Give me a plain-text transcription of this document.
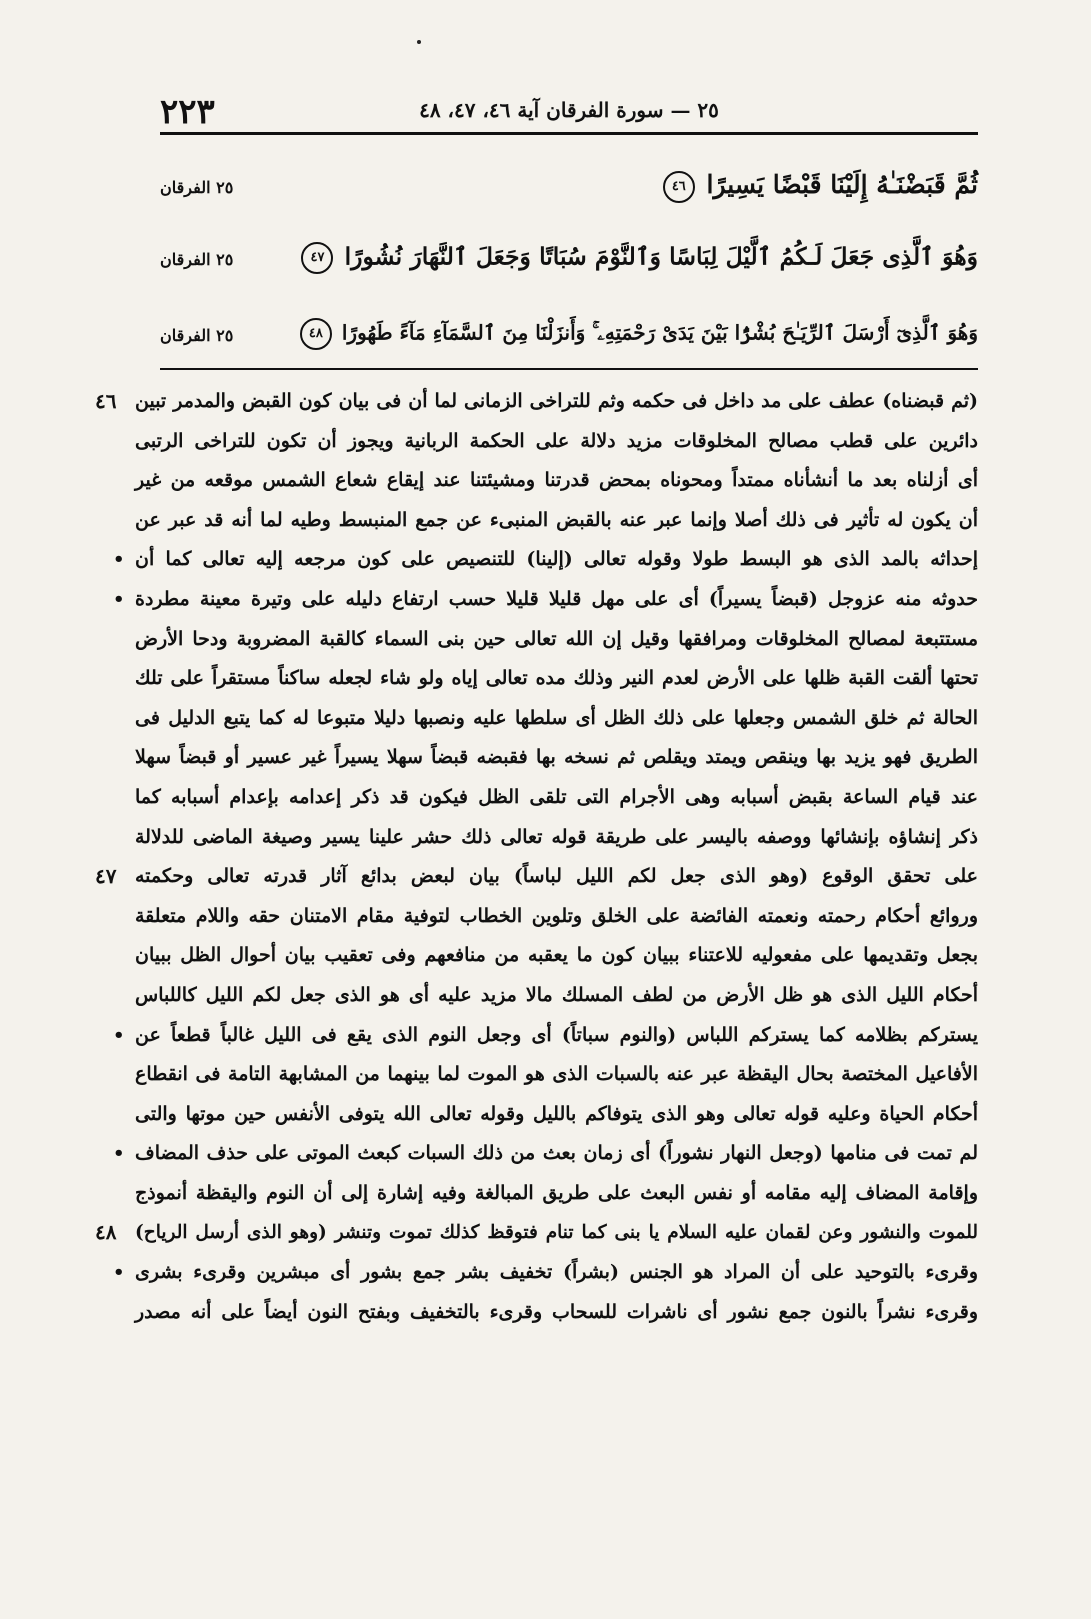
٢٢٣	٢٥ — سورة الفرقان آية ٤٦، ٤٧، ٤٨
ثُمَّ قَبَضْنَـٰهُ إِلَيْنَا قَبْضًا يَسِيرًا ٤٦
٢٥ الفرقان
وَهُوَ ٱلَّذِى جَعَلَ لَـكُمُ ٱلَّيْلَ لِبَاسًا وَٱلنَّوْمَ سُبَاتًا وَجَعَلَ ٱلنَّهَارَ نُشُورًا ٤٧
٢٥ الفرقان
وَهُوَ ٱلَّذِىٓ أَرْسَلَ ٱلرِّيَـٰحَ بُشْرًۢا بَيْنَ يَدَىْ رَحْمَتِهِۦ ۚ وَأَنزَلْنَا مِنَ ٱلسَّمَآءِ مَآءً طَهُورًا ٤٨
٢٥ الفرقان
(ثم قبضناه) عطف على مد داخل فى حكمه وثم للتراخى الزمانى لما أن فى بيان كون القبض والمدمر تبين
٤٦
دائرين على قطب مصالح المخلوقات مزيد دلالة على الحكمة الربانية ويجوز أن تكون للتراخى الرتبى
أى أزلناه بعد ما أنشأناه ممتداً ومحوناه بمحض قدرتنا ومشيئتنا عند إيقاع شعاع الشمس موقعه من غير
أن يكون له تأثير فى ذلك أصلا وإنما عبر عنه بالقبض المنبىء عن جمع المنبسط وطيه لما أنه قد عبر عن
إحداثه بالمد الذى هو البسط طولا وقوله تعالى (إلينا) للتنصيص على كون مرجعه إليه تعالى كما أن
•
حدوثه منه عزوجل (قبضاً يسيراً) أى على مهل قليلا قليلا حسب ارتفاع دليله على وتيرة معينة مطردة
•
مستتبعة لمصالح المخلوقات ومرافقها وقيل إن الله تعالى حين بنى السماء كالقبة المضروبة ودحا الأرض
تحتها ألقت القبة ظلها على الأرض لعدم النير وذلك مده تعالى إياه ولو شاء لجعله ساكناً مستقراً على تلك
الحالة ثم خلق الشمس وجعلها على ذلك الظل أى سلطها عليه ونصبها دليلا متبوعا له كما يتبع الدليل فى
الطريق فهو يزيد بها وينقص ويمتد ويقلص ثم نسخه بها فقبضه قبضاً سهلا يسيراً غير عسير أو قبضاً سهلا
عند قيام الساعة بقبض أسبابه وهى الأجرام التى تلقى الظل فيكون قد ذكر إعدامه بإعدام أسبابه كما
ذكر إنشاؤه بإنشائها ووصفه باليسر على طريقة قوله تعالى ذلك حشر علينا يسير وصيغة الماضى للدلالة
على تحقق الوقوع (وهو الذى جعل لكم الليل لباساً) بيان لبعض بدائع آثار قدرته تعالى وحكمته
٤٧
وروائع أحكام رحمته ونعمته الفائضة على الخلق وتلوين الخطاب لتوفية مقام الامتنان حقه واللام متعلقة
بجعل وتقديمها على مفعوليه للاعتناء ببيان كون ما يعقبه من منافعهم وفى تعقيب بيان أحوال الظل ببيان
أحكام الليل الذى هو ظل الأرض من لطف المسلك مالا مزيد عليه أى هو الذى جعل لكم الليل كاللباس
يستركم بظلامه كما يستركم اللباس (والنوم سباتاً) أى وجعل النوم الذى يقع فى الليل غالباً قطعاً عن
•
الأفاعيل المختصة بحال اليقظة عبر عنه بالسبات الذى هو الموت لما بينهما من المشابهة التامة فى انقطاع
أحكام الحياة وعليه قوله تعالى وهو الذى يتوفاكم بالليل وقوله تعالى الله يتوفى الأنفس حين موتها والتى
لم تمت فى منامها (وجعل النهار نشوراً) أى زمان بعث من ذلك السبات كبعث الموتى على حذف المضاف
•
وإقامة المضاف إليه مقامه أو نفس البعث على طريق المبالغة وفيه إشارة إلى أن النوم واليقظة أنموذج
للموت والنشور وعن لقمان عليه السلام يا بنى كما تنام فتوقظ كذلك تموت وتنشر (وهو الذى أرسل الرياح)
٤٨
وقرىء بالتوحيد على أن المراد هو الجنس (بشراً) تخفيف بشر جمع بشور أى مبشرين وقرىء بشرى
•
وقرىء نشراً بالنون جمع نشور أى ناشرات للسحاب وقرىء بالتخفيف وبفتح النون أيضاً على أنه مصدر
